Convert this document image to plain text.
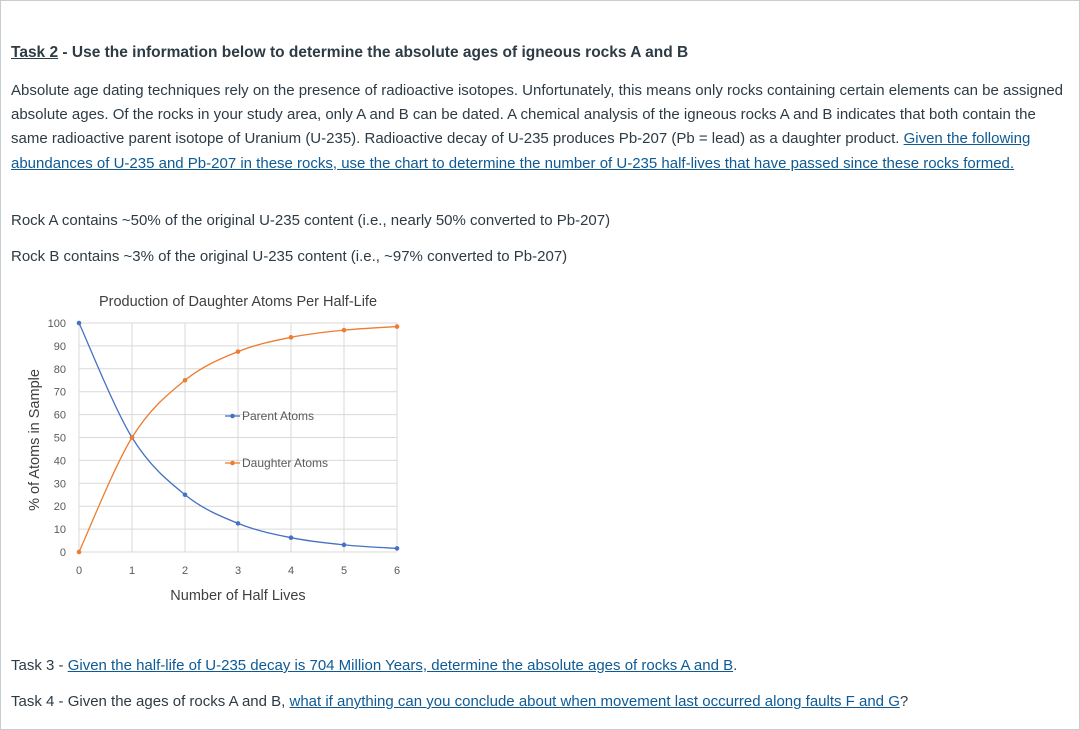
Task 2 - Use the information below to determine the absolute ages of igneous rocks A and B

Absolute age dating techniques rely on the presence of radioactive isotopes. Unfortunately, this means only rocks containing certain elements can be assigned absolute ages. Of the rocks in your study area, only A and B can be dated. A chemical analysis of the igneous rocks A and B indicates that both contain the same radioactive parent isotope of Uranium (U-235). Radioactive decay of U-235 produces Pb-207 (Pb = lead) as a daughter product. Given the following abundances of U-235 and Pb-207 in these rocks, use the chart to determine the number of U-235 half-lives that have passed since these rocks formed.

Rock A contains ~50% of the original U-235 content (i.e., nearly 50% converted to Pb-207)

Rock B contains ~3% of the original U-235 content (i.e., ~97% converted to Pb-207)

Production of Daughter Atoms Per Half-Life
0
10
20
30
40
50
60
70
80
90
100
0	1	2	3	4	5	6
Number of Half Lives
% of Atoms in Sample	Parent Atoms
Daughter Atoms

Task 3 - Given the half-life of U-235 decay is 704 Million Years, determine the absolute ages of rocks A and B.

Task 4 - Given the ages of rocks A and B, what if anything can you conclude about when movement last occurred along faults F and G?
